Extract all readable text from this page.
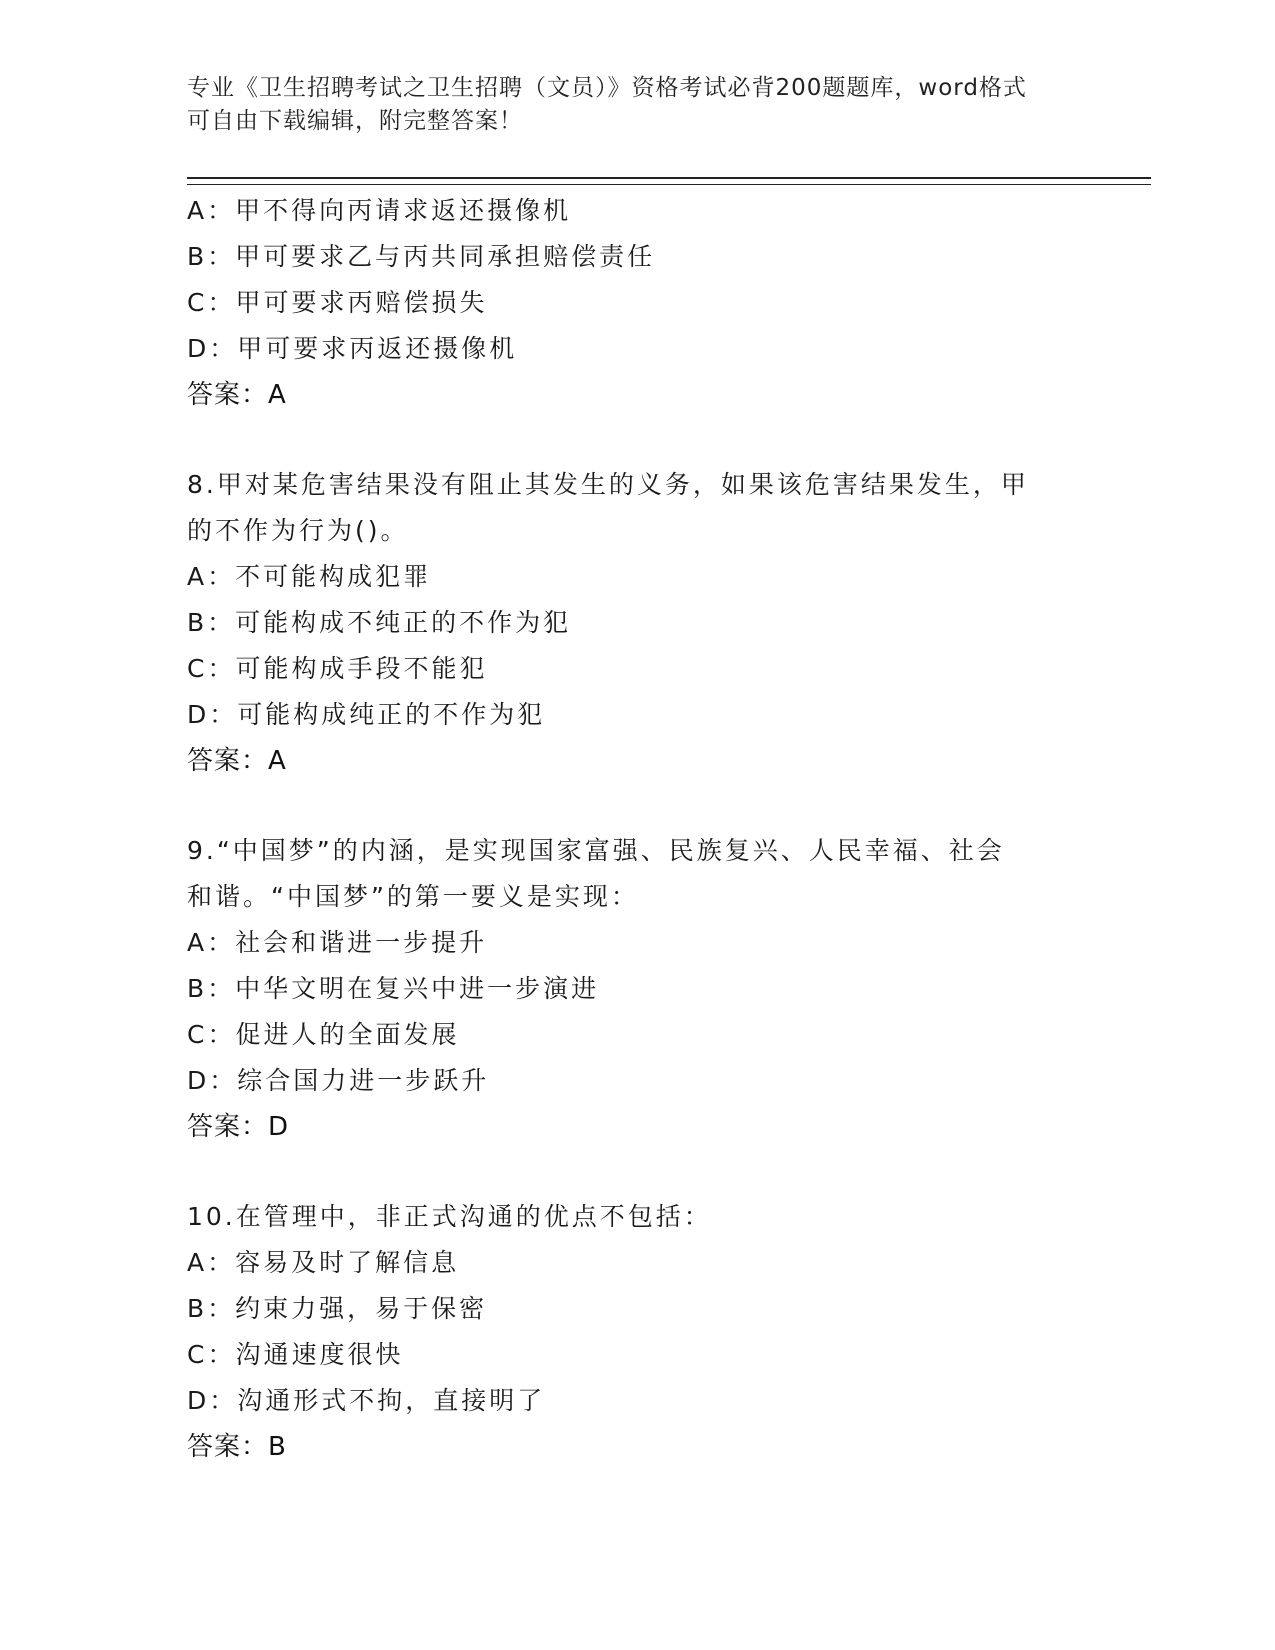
专业《卫生招聘考试之卫生招聘（文员）》资格考试必背200题题库，word格式
可自由下载编辑，附完整答案！
A：甲不得向丙请求返还摄像机
B：甲可要求乙与丙共同承担赔偿责任
C：甲可要求丙赔偿损失
D：甲可要求丙返还摄像机
答案：A
8.甲对某危害结果没有阻止其发生的义务，如果该危害结果发生，甲
的不作为行为()。
A：不可能构成犯罪
B：可能构成不纯正的不作为犯
C：可能构成手段不能犯
D：可能构成纯正的不作为犯
答案：A
9.“中国梦”的内涵，是实现国家富强、民族复兴、人民幸福、社会
和谐。“中国梦”的第一要义是实现：
A：社会和谐进一步提升
B：中华文明在复兴中进一步演进
C：促进人的全面发展
D：综合国力进一步跃升
答案：D
10.在管理中，非正式沟通的优点不包括：
A：容易及时了解信息
B：约束力强，易于保密
C：沟通速度很快
D：沟通形式不拘，直接明了
答案：B
